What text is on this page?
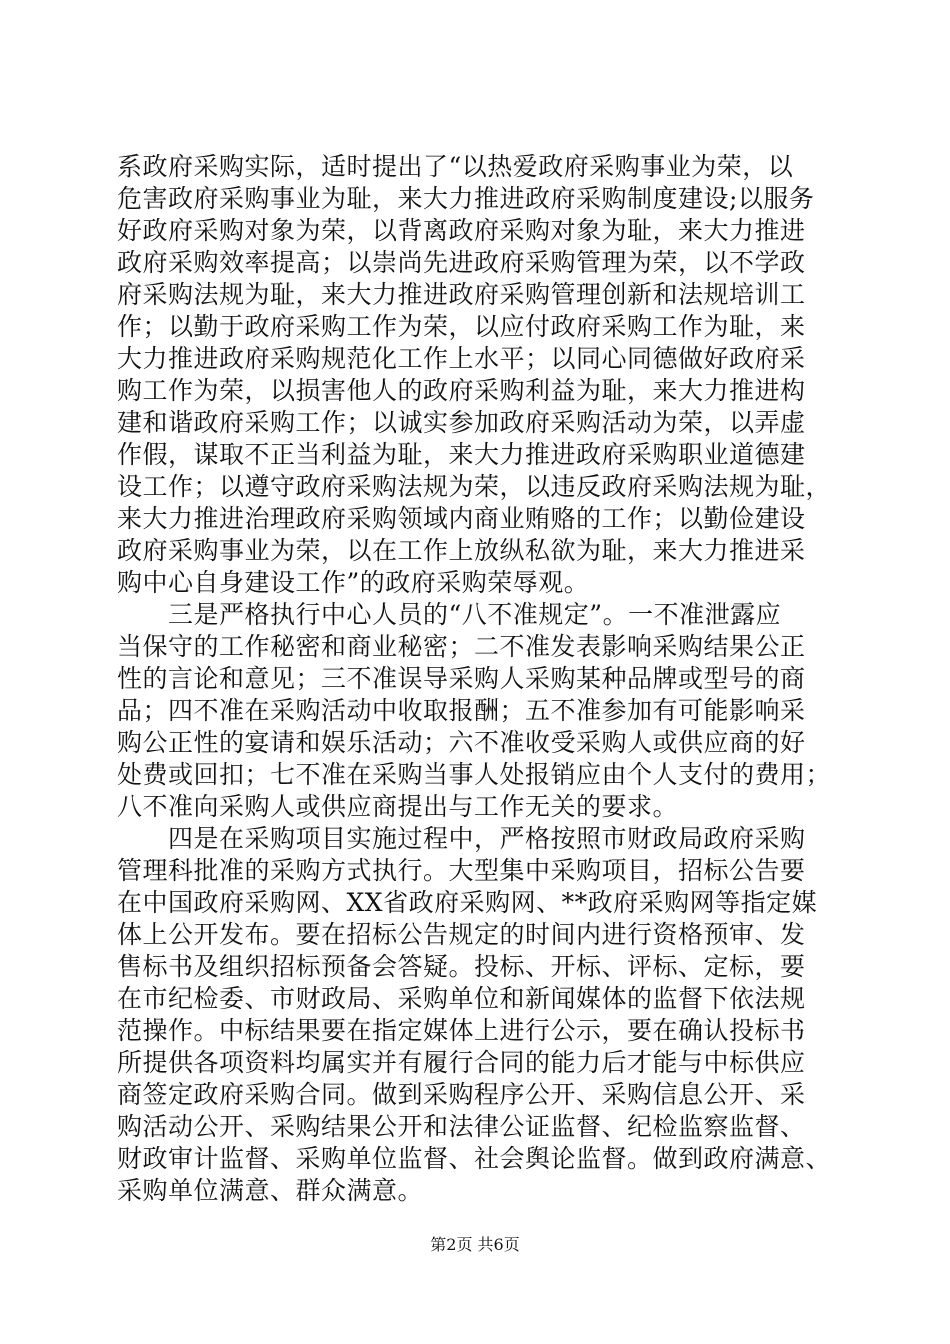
系政府采购实际，适时提出了“以热爱政府采购事业为荣，以
危害政府采购事业为耻，来大力推进政府采购制度建设;以服务
好政府采购对象为荣，以背离政府采购对象为耻，来大力推进
政府采购效率提高；以崇尚先进政府采购管理为荣，以不学政
府采购法规为耻，来大力推进政府采购管理创新和法规培训工
作；以勤于政府采购工作为荣，以应付政府采购工作为耻，来
大力推进政府采购规范化工作上水平；以同心同德做好政府采
购工作为荣，以损害他人的政府采购利益为耻，来大力推进构
建和谐政府采购工作；以诚实参加政府采购活动为荣，以弄虚
作假，谋取不正当利益为耻，来大力推进政府采购职业道德建
设工作；以遵守政府采购法规为荣，以违反政府采购法规为耻，
来大力推进治理政府采购领域内商业贿赂的工作；以勤俭建设
政府采购事业为荣，以在工作上放纵私欲为耻，来大力推进采
购中心自身建设工作”的政府采购荣辱观。
　　三是严格执行中心人员的“八不准规定”。一不准泄露应
当保守的工作秘密和商业秘密；二不准发表影响采购结果公正
性的言论和意见；三不准误导采购人采购某种品牌或型号的商
品；四不准在采购活动中收取报酬；五不准参加有可能影响采
购公正性的宴请和娱乐活动；六不准收受采购人或供应商的好
处费或回扣；七不准在采购当事人处报销应由个人支付的费用；
八不准向采购人或供应商提出与工作无关的要求。
　　四是在采购项目实施过程中，严格按照市财政局政府采购
管理科批准的采购方式执行。大型集中采购项目，招标公告要
在中国政府采购网、XX省政府采购网、**政府采购网等指定媒
体上公开发布。要在招标公告规定的时间内进行资格预审、发
售标书及组织招标预备会答疑。投标、开标、评标、定标，要
在市纪检委、市财政局、采购单位和新闻媒体的监督下依法规
范操作。中标结果要在指定媒体上进行公示，要在确认投标书
所提供各项资料均属实并有履行合同的能力后才能与中标供应
商签定政府采购合同。做到采购程序公开、采购信息公开、采
购活动公开、采购结果公开和法律公证监督、纪检监察监督、
财政审计监督、采购单位监督、社会舆论监督。做到政府满意、
采购单位满意、群众满意。
第2页 共6页
